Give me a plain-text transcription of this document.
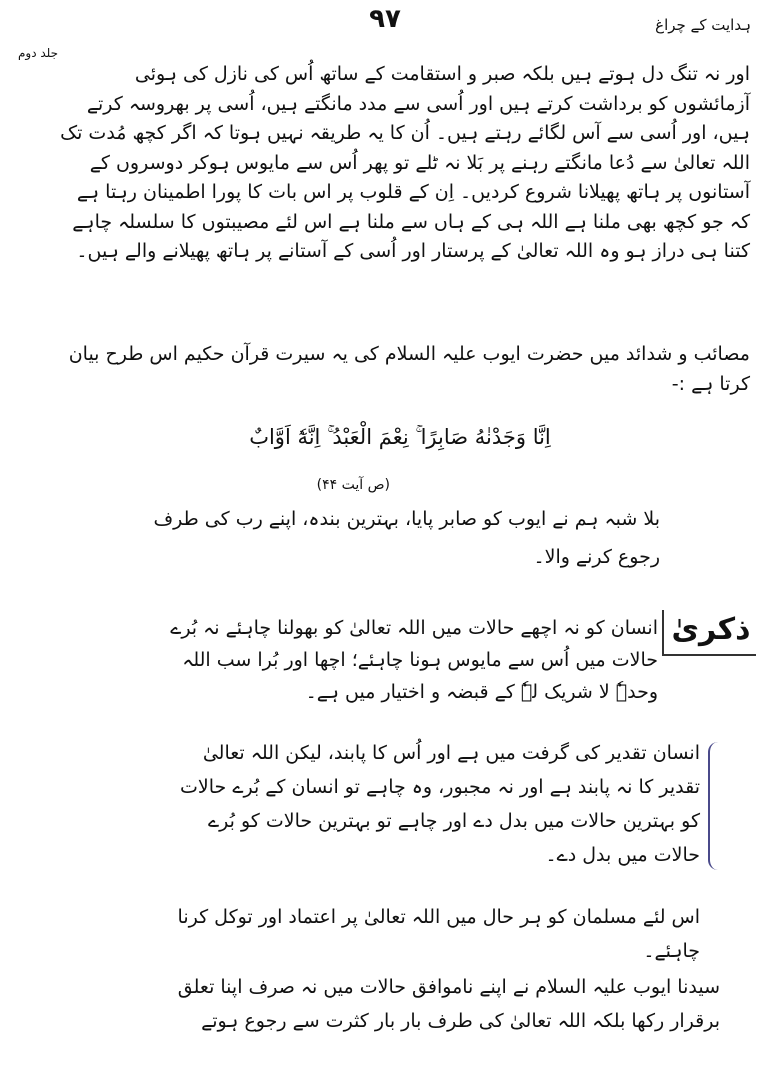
۹۷	ہدایت کے چراغ
جلد دوم

اور نہ تنگ دل ہوتے ہیں بلکہ صبر و استقامت کے ساتھ اُس کی نازل کی ہوئی آزمائشوں کو برداشت کرتے ہیں اور اُسی سے مدد مانگتے ہیں، اُسی پر بھروسہ کرتے ہیں، اور اُسی سے آس لگائے رہتے ہیں۔ اُن کا یہ طریقہ نہیں ہوتا کہ اگر کچھ مُدت تک اللہ تعالیٰ سے دُعا مانگتے رہنے پر بَلا نہ ٹلے تو پھر اُس سے مایوس ہوکر دوسروں کے آستانوں پر ہاتھ پھیلانا شروع کردیں۔ اِن کے قلوب پر اس بات کا پورا اطمینان رہتا ہے کہ جو کچھ بھی ملنا ہے اللہ ہی کے ہاں سے ملنا ہے اس لئے مصیبتوں کا سلسلہ چاہے کتنا ہی دراز ہو وہ اللہ تعالیٰ کے پرستار اور اُسی کے آستانے پر ہاتھ پھیلانے والے ہیں۔

مصائب و شدائد میں حضرت ایوب علیہ السلام کی یہ سیرت قرآن حکیم اس طرح بیان کرتا ہے :-

اِنَّا وَجَدْنٰهُ صَابِرًا ۚ نِعْمَ الْعَبْدُ ۚ اِنَّهٗٓ اَوَّابٌ
(ص آیت ۴۴)

بلا شبہ ہم نے ایوب کو صابر پایا، بہترین بندہ، اپنے رب کی طرف رجوع کرنے والا۔

ذکریٰ

انسان کو نہ اچھے حالات میں اللہ تعالیٰ کو بھولنا چاہئے نہ بُرے حالات میں اُس سے مایوس ہونا چاہئے؛ اچھا اور بُرا سب اللہ وحدہٗ لا شریک لہٗ کے قبضہ و اختیار میں ہے۔

انسان تقدیر کی گرفت میں ہے اور اُس کا پابند، لیکن اللہ تعالیٰ تقدیر کا نہ پابند ہے اور نہ مجبور، وہ چاہے تو انسان کے بُرے حالات کو بہترین حالات میں بدل دے اور چاہے تو بہترین حالات کو بُرے حالات میں بدل دے۔

اس لئے مسلمان کو ہر حال میں اللہ تعالیٰ پر اعتماد اور توکل کرنا چاہئے۔

سیدنا ایوب علیہ السلام نے اپنے ناموافق حالات میں نہ صرف اپنا تعلق برقرار رکھا بلکہ اللہ تعالیٰ کی طرف بار بار کثرت سے رجوع ہوتے
